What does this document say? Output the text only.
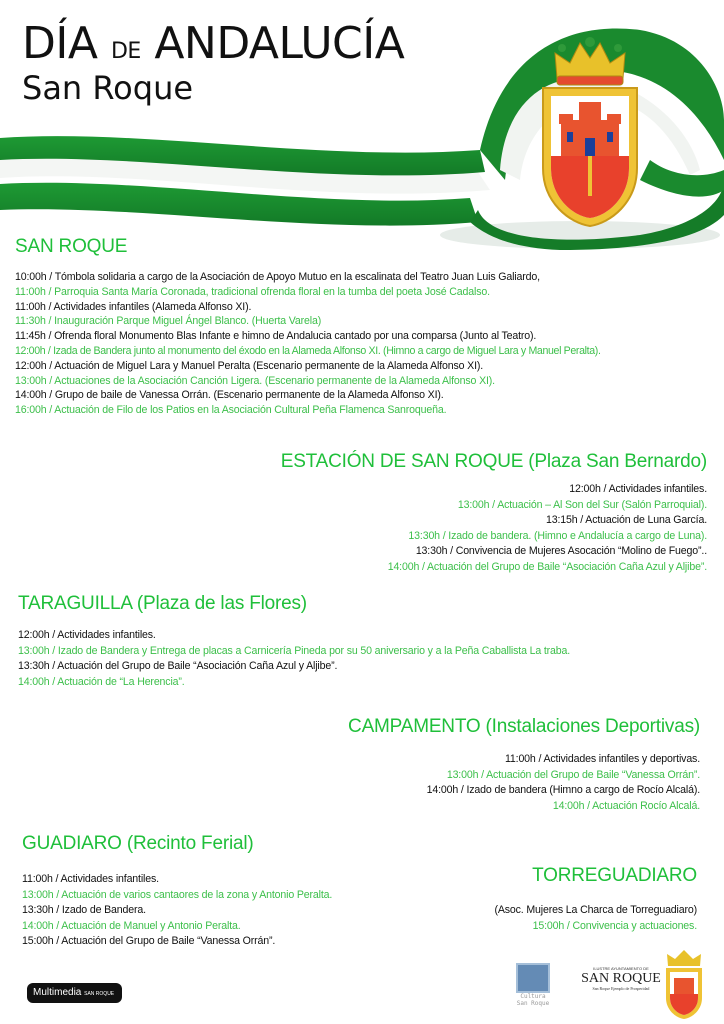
DÍA DE ANDALUCÍA
San Roque
SAN ROQUE
10:00h / Tómbola solidaria a cargo de la Asociación de Apoyo Mutuo en la escalinata del Teatro Juan Luis Galiardo,
11:00h / Parroquia Santa María Coronada, tradicional ofrenda floral en la tumba del poeta José Cadalso.
11:00h / Actividades infantiles (Alameda Alfonso XI).
11:30h / Inauguración Parque Miguel Ángel Blanco. (Huerta Varela)
11:45h / Ofrenda floral Monumento Blas Infante e himno de Andalucia cantado por una comparsa (Junto al Teatro).
12:00h / Izada de Bandera junto al monumento del éxodo en la Alameda Alfonso XI. (Himno a cargo de Miguel Lara y Manuel Peralta).
12:00h / Actuación de Miguel Lara y Manuel Peralta (Escenario permanente de la Alameda Alfonso XI).
13:00h / Actuaciones de la Asociación Canción Ligera. (Escenario permanente de la Alameda Alfonso XI).
14:00h / Grupo de baile de Vanessa Orrán. (Escenario permanente de la Alameda Alfonso XI).
16:00h / Actuación de Filo de los Patios en la Asociación Cultural Peña Flamenca Sanroqueña.
ESTACIÓN DE SAN ROQUE (Plaza San Bernardo)
12:00h / Actividades infantiles.
13:00h / Actuación – Al Son del Sur (Salón Parroquial).
13:15h / Actuación de Luna García.
13:30h / Izado de bandera. (Himno e Andalucía a cargo de Luna).
13:30h / Convivencia de Mujeres Asocación “Molino de Fuego”..
14:00h / Actuación del Grupo de Baile “Asociación Caña Azul y Aljibe”.
TARAGUILLA (Plaza de las Flores)
12:00h / Actividades infantiles.
13:00h / Izado de Bandera y Entrega de placas a Carnicería Pineda por su 50 aniversario y a la Peña Caballista La traba.
13:30h / Actuación del Grupo de Baile “Asociación Caña Azul y Aljibe”.
14:00h / Actuación de “La Herencia”.
CAMPAMENTO (Instalaciones Deportivas)
11:00h / Actividades infantiles y deportivas.
13:00h / Actuación del Grupo de Baile “Vanessa Orrán”.
14:00h / Izado de bandera (Himno a cargo de Rocío Alcalá).
14:00h / Actuación Rocío Alcalá.
GUADIARO (Recinto Ferial)
11:00h / Actividades infantiles.
13:00h / Actuación de varios cantaores de la zona y Antonio Peralta.
13:30h / Izado de Bandera.
14:00h / Actuación de Manuel y Antonio Peralta.
15:00h / Actuación del Grupo de Baile “Vanessa Orrán”.
TORREGUADIARO
(Asoc. Mujeres La Charca de Torreguadiaro)
15:00h / Convivencia y actuaciones.
Multimedia SAN ROQUE ☵
Cultura
San Roque
ILUSTRE AYUNTAMIENTO DE
SAN ROQUE
San Roque Ejemplo de Prosperidad
